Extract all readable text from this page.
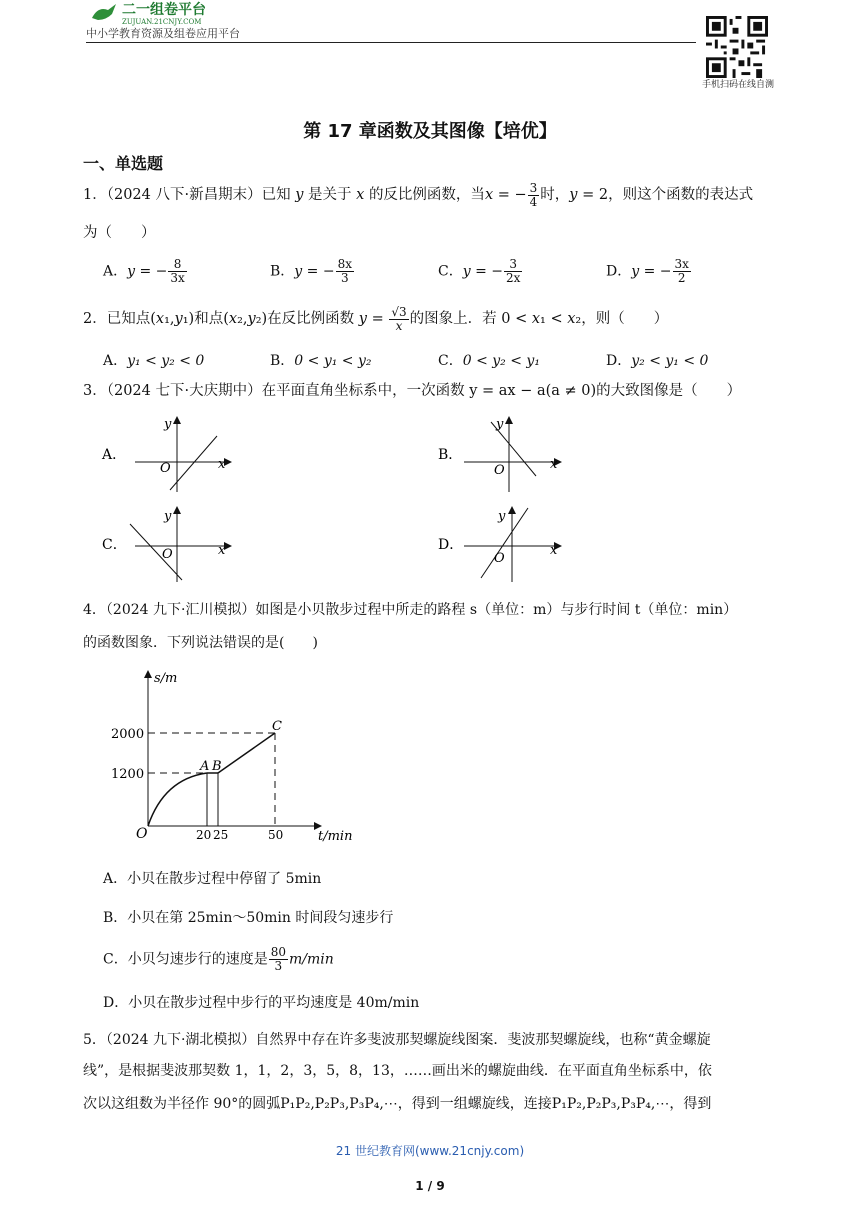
二一组卷平台
ZUJUAN.21CNJY.COM
中小学教育资源及组卷应用平台
手机扫码在线自测
第 17 章函数及其图像【培优】
一、单选题
1．（2024 八下·新昌期末）已知 y 是关于 x 的反比例函数，当x = − $\frac{3}{4}$ 时，y = 2，则这个函数的表达式
为（　　）
A．y = − $\frac{8}{3x}$	B．y = − $\frac{8x}{3}$	C．y = − $\frac{3}{2x}$	D．y = − $\frac{3x}{2}$
2．已知点(x₁,y₁)和点(x₂,y₂)在反比例函数 $y = \frac{√3}{x}$ 的图象上．若 0 < x₁ < x₂，则（　　）
A．y₁ < y₂ < 0	B．0 < y₁ < y₂	C．0 < y₂ < y₁	D．y₂ < y₁ < 0
3．（2024 七下·大庆期中）在平面直角坐标系中，一次函数 y = ax − a(a ≠ 0)的大致图像是（　　）
A．
y
x
O
B．
y
x
O
C．
y
x
O
D．
y
x
O
4．（2024 九下·汇川模拟）如图是小贝散步过程中所走的路程 s（单位：m）与步行时间 t（单位：min）
的函数图象．下列说法错误的是(　　)
s/m
t/min
O
2000
1200
20 25	50
A B
C
A．小贝在散步过程中停留了 5min
B．小贝在第 25min～50min 时间段匀速步行
C．小贝匀速步行的速度是 $\frac{80}{3} m/\min$
D．小贝在散步过程中步行的平均速度是 40m/min
5．（2024 九下·湖北模拟）自然界中存在许多斐波那契螺旋线图案．斐波那契螺旋线，也称“黄金螺旋
线”，是根据斐波那契数 1，1，2，3，5，8，13，……画出米的螺旋曲线．在平面直角坐标系中，依
次以这组数为半径作 90°的圆弧P₁P₂,P₂P₃,P₃P₄,⋯，得到一组螺旋线，连接P₁P₂,P₂P₃,P₃P₄,⋯，得到
21 世纪教育网(www.21cnjy.com)
1 / 9
